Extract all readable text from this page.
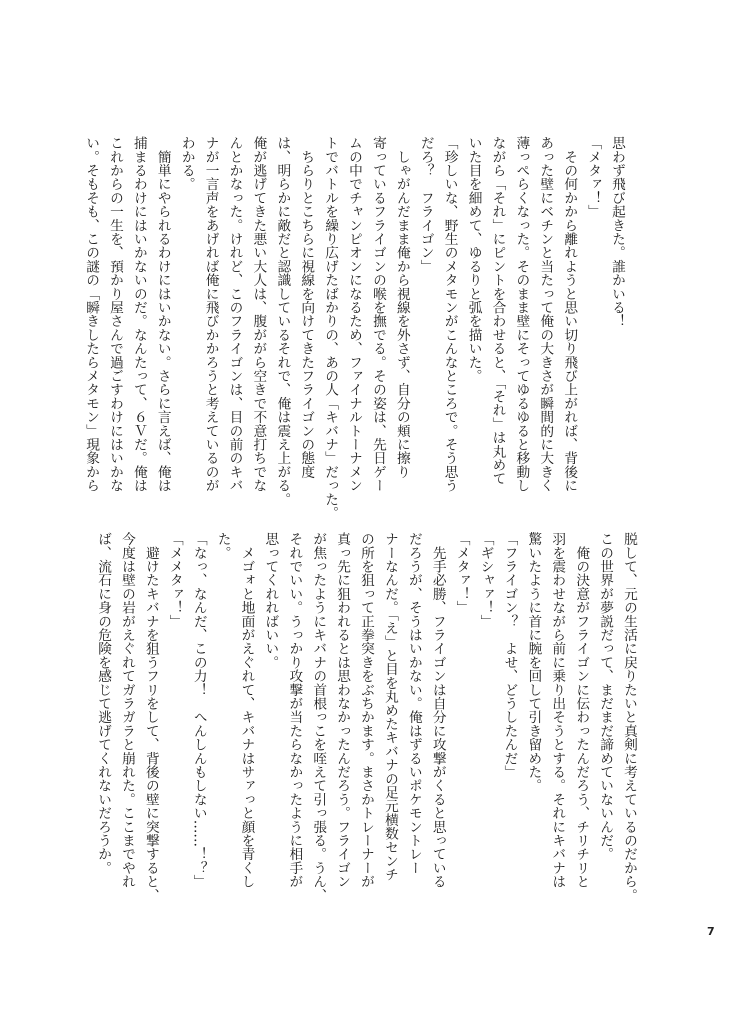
思わず飛び起きた。誰かいる！
「メタァ！」
　その何かから離れようと思い切り飛び上がれば、背後に
あった壁にベチンと当たって俺の大きさが瞬間的に大きく
薄っぺらくなった。そのまま壁にそってゆるゆると移動し
ながら「それ」にピントを合わせると、「それ」は丸めて
いた目を細めて、ゆるりと弧を描いた。
「珍しいな、野生のメタモンがこんなところで。そう思う
だろ？　フライゴン」
　しゃがんだまま俺から視線を外さず、自分の頬に擦り
寄っているフライゴンの喉を撫でる。その姿は、先日ゲー
ムの中でチャンピオンになるため、ファイナルトーナメン
トでバトルを繰り広げたばかりの、あの人「キバナ」だった。
　ちらりとこちらに視線を向けてきたフライゴンの態度
は、明らかに敵だと認識しているそれで、俺は震え上がる。
俺が逃げてきた悪い大人は、腹ががら空きで不意打ちでな
んとかなった。けれど、このフライゴンは、目の前のキバ
ナが一言声をあげれば俺に飛びかかろうと考えているのが
わかる。
　簡単にやられるわけにはいかない。さらに言えば、俺は
捕まるわけにはいかないのだ。なんたって、６Ｖだ。俺は
これからの一生を、預かり屋さんで過ごすわけにはいかな
い。そもそも、この謎の「瞬きしたらメタモン」現象から
脱して、元の生活に戻りたいと真剣に考えているのだから。
この世界が夢説だって、まだまだ諦めていないんだ。
　俺の決意がフライゴンに伝わったんだろう、チリチリと
羽を震わせながら前に乗り出そうとする。それにキバナは
驚いたように首に腕を回して引き留めた。
「フライゴン？　よせ、どうしたんだ」
「ギシャァ！」
「メタァ！」
　先手必勝、フライゴンは自分に攻撃がくると思っている
だろうが、そうはいかない。俺はずるいポケモントレー
ナーなんだ。「え」と目を丸めたキバナの足元横数センチ
の所を狙って正拳突きをぶちかます。まさかトレーナーが
真っ先に狙われるとは思わなかったんだろう。フライゴン
が焦ったようにキバナの首根っこを咥えて引っ張る。うん、
それでいい。うっかり攻撃が当たらなかったように相手が
思ってくれればいい。
　メゴォと地面がえぐれて、キバナはサァっと顔を青くし
た。
「なっ、なんだ、この力！　へんしんもしない……！？」
「メメタァ！」
　避けたキバナを狙うフリをして、背後の壁に突撃すると、
今度は壁の岩がえぐれてガラガラと崩れた。ここまでやれ
ば、流石に身の危険を感じて逃げてくれないだろうか。
7
